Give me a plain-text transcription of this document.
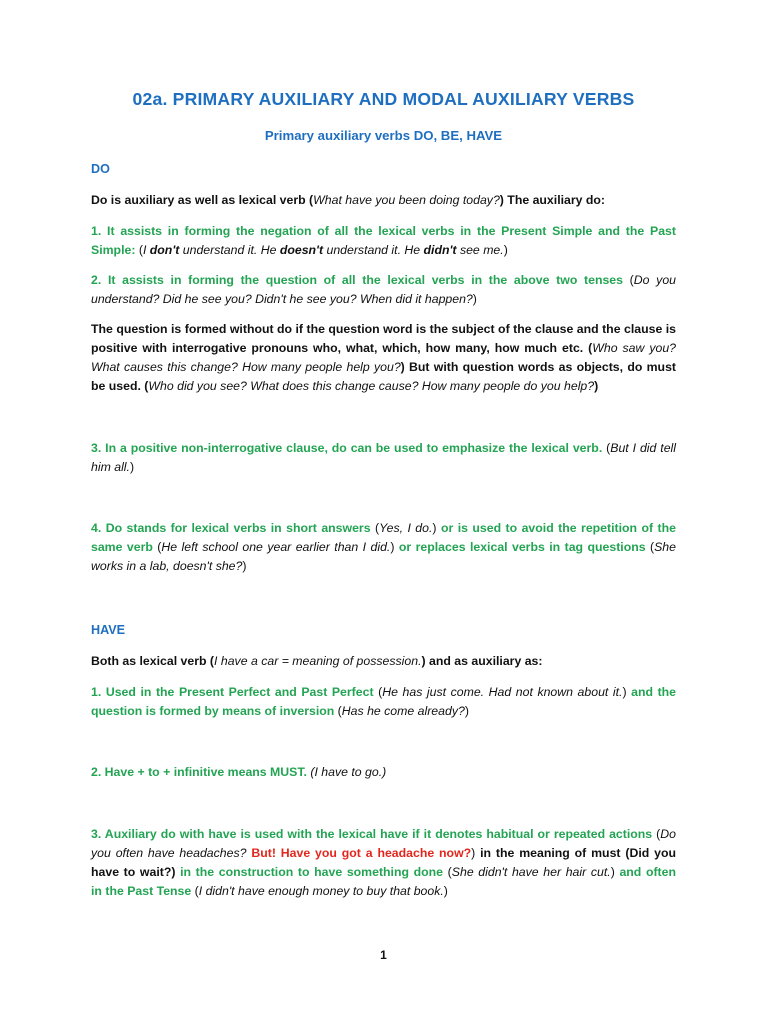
02a. PRIMARY AUXILIARY AND MODAL AUXILIARY VERBS
Primary auxiliary verbs DO, BE, HAVE
DO
Do is auxiliary as well as lexical verb (What have you been doing today?) The auxiliary do:
1. It assists in forming the negation of all the lexical verbs in the Present Simple and the Past
Simple: (I don't understand it. He doesn't understand it. He didn't see me.)
2. It assists in forming the question of all the lexical verbs in the above two tenses (Do you
understand? Did he see you? Didn't he see you? When did it happen?)
The question is formed without do if the question word is the subject of the clause and the clause is
positive with interrogative pronouns who, what, which, how many, how much etc. (Who saw you?
What causes this change? How many people help you?) But with question words as objects, do must
be used. (Who did you see? What does this change cause? How many people do you help?)
3. In a positive non-interrogative clause, do can be used to emphasize the lexical verb. (But I did tell
him all.)
4. Do stands for lexical verbs in short answers (Yes, I do.) or is used to avoid the repetition of the
same verb (He left school one year earlier than I did.) or replaces lexical verbs in tag questions (She
works in a lab, doesn't she?)
HAVE
Both as lexical verb (I have a car = meaning of possession.) and as auxiliary as:
1. Used in the Present Perfect and Past Perfect (He has just come. Had not known about it.) and the
question is formed by means of inversion (Has he come already?)
2. Have + to + infinitive means MUST. (I have to go.)
3. Auxiliary do with have is used with the lexical have if it denotes habitual or repeated actions (Do
you often have headaches? But! Have you got a headache now?) in the meaning of must (Did you
have to wait?) in the construction to have something done (She didn't have her hair cut.) and often
in the Past Tense (I didn't have enough money to buy that book.)
1
